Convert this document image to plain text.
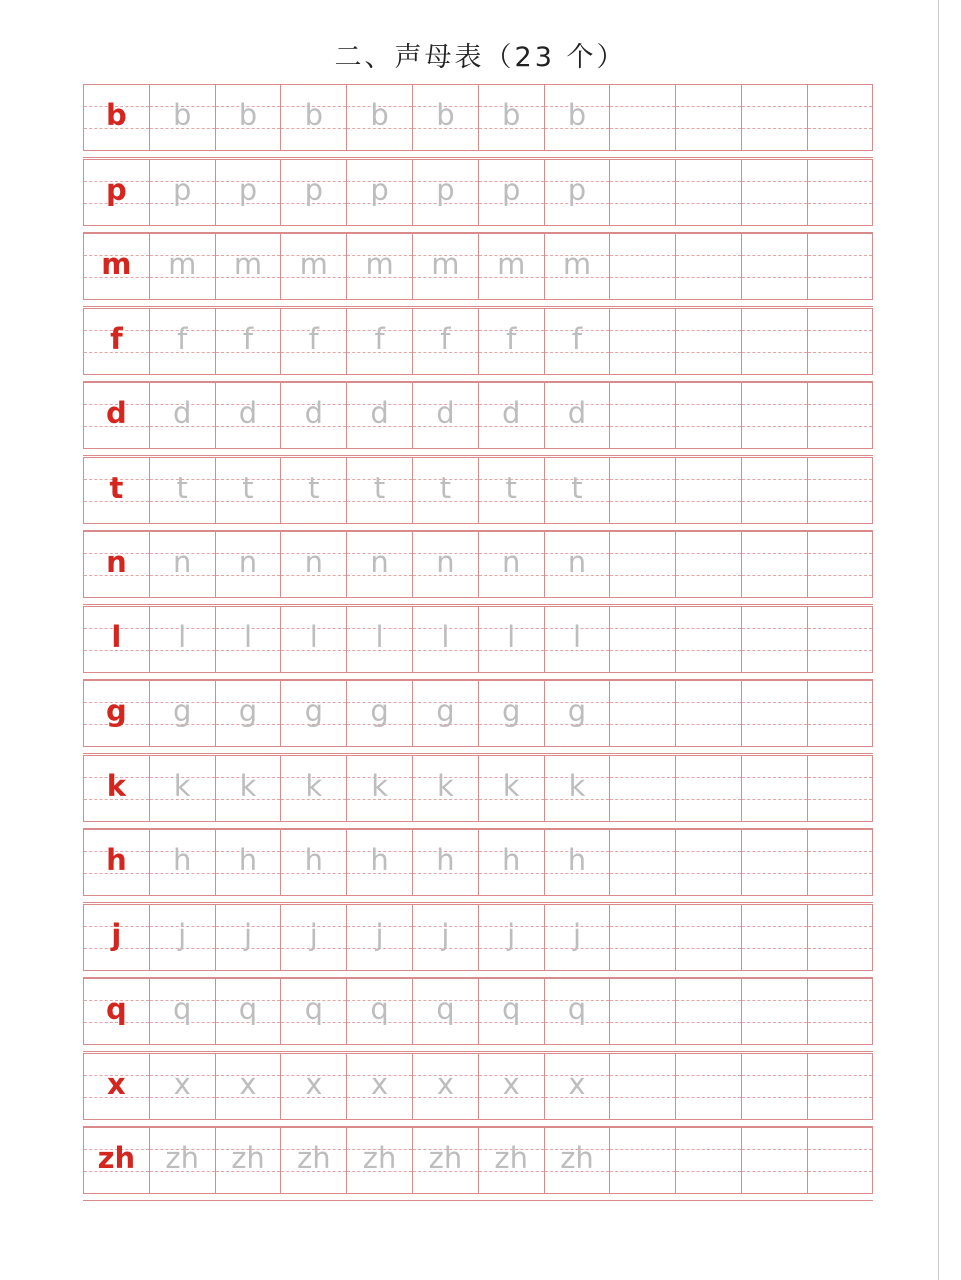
二、声母表（23 个）
b	b	b	b	b	b	b	b
p	p	p	p	p	p	p	p
m	m	m	m	m	m	m	m
f	f	f	f	f	f	f	f
d	d	d	d	d	d	d	d
t	t	t	t	t	t	t	t
n	n	n	n	n	n	n	n
l	l	l	l	l	l	l	l
g	g	g	g	g	g	g	g
k	k	k	k	k	k	k	k
h	h	h	h	h	h	h	h
j	j	j	j	j	j	j	j
q	q	q	q	q	q	q	q
x	x	x	x	x	x	x	x
zh	zh	zh	zh	zh	zh	zh	zh
